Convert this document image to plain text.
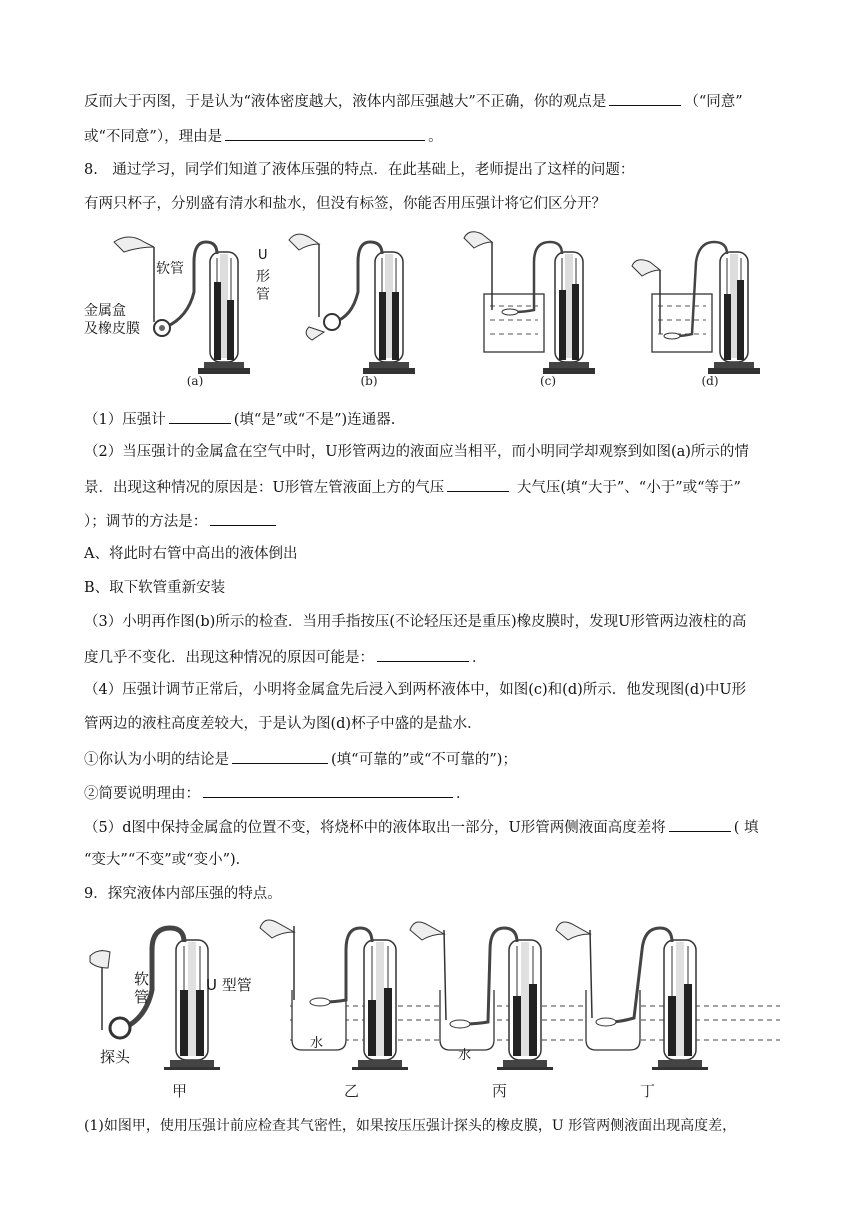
反而大于丙图，于是认为“液体密度越大，液体内部压强越大”不正确，你的观点是	（“同意”
或“不同意”），理由是	。
8.　通过学习，同学们知道了液体压强的特点．在此基础上，老师提出了这样的问题：
有两只杯子，分别盛有清水和盐水，但没有标签，你能否用压强计将它们区分开？
软管
U
形
管
金属盒
及橡皮膜
(a)	(b)	(c)	(d)
（1）压强计	(填“是”或“不是”)连通器.
（2）当压强计的金属盒在空气中时，U形管两边的液面应当相平，而小明同学却观察到如图(a)所示的情
景．出现这种情况的原因是：U形管左管液面上方的气压	大气压(填“大于”、“小于”或“等于”
）；调节的方法是：
A、将此时右管中高出的液体倒出
B、取下软管重新安装
（3）小明再作图(b)所示的检查．当用手指按压(不论轻压还是重压)橡皮膜时，发现U形管两边液柱的高
度几乎不变化．出现这种情况的原因可能是：	．
（4）压强计调节正常后，小明将金属盒先后浸入到两杯液体中，如图(c)和(d)所示．他发现图(d)中U形
管两边的液柱高度差较大，于是认为图(d)杯子中盛的是盐水．
①你认为小明的结论是	(填“可靠的”或“不可靠的”)；
②简要说明理由：	．
（5）d图中保持金属盒的位置不变，将烧杯中的液体取出一部分，U形管两侧液面高度差将	( 填
“变大”“不变”或“变小”)．
9．探究液体内部压强的特点。
软
管
U 型管
探头
水
水
甲	乙	丙	丁
(1)如图甲，使用压强计前应检查其气密性，如果按压压强计探头的橡皮膜，U 形管两侧液面出现高度差，
